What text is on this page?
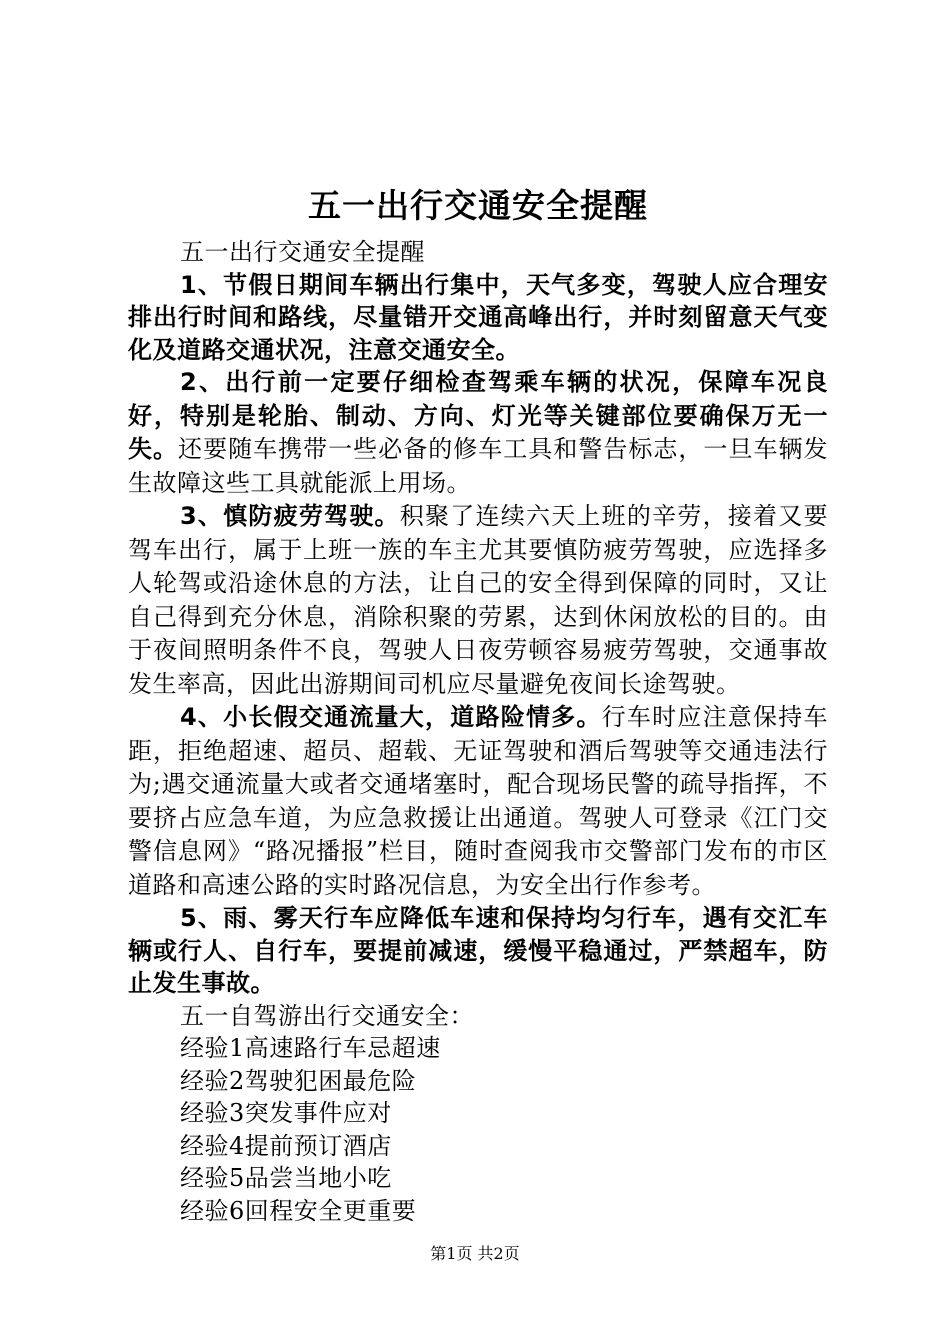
五一出行交通安全提醒

五一出行交通安全提醒

1、节假日期间车辆出行集中，天气多变，驾驶人应合理安排出行时间和路线，尽量错开交通高峰出行，并时刻留意天气变化及道路交通状况，注意交通安全。

2、出行前一定要仔细检查驾乘车辆的状况，保障车况良好，特别是轮胎、制动、方向、灯光等关键部位要确保万无一失。还要随车携带一些必备的修车工具和警告标志，一旦车辆发生故障这些工具就能派上用场。

3、慎防疲劳驾驶。积聚了连续六天上班的辛劳，接着又要驾车出行，属于上班一族的车主尤其要慎防疲劳驾驶，应选择多人轮驾或沿途休息的方法，让自己的安全得到保障的同时，又让自己得到充分休息，消除积聚的劳累，达到休闲放松的目的。由于夜间照明条件不良，驾驶人日夜劳顿容易疲劳驾驶，交通事故发生率高，因此出游期间司机应尽量避免夜间长途驾驶。

4、小长假交通流量大，道路险情多。行车时应注意保持车距，拒绝超速、超员、超载、无证驾驶和酒后驾驶等交通违法行为;遇交通流量大或者交通堵塞时，配合现场民警的疏导指挥，不要挤占应急车道，为应急救援让出通道。驾驶人可登录《江门交警信息网》“路况播报”栏目，随时查阅我市交警部门发布的市区道路和高速公路的实时路况信息，为安全出行作参考。

5、雨、雾天行车应降低车速和保持均匀行车，遇有交汇车辆或行人、自行车，要提前减速，缓慢平稳通过，严禁超车，防止发生事故。

五一自驾游出行交通安全：

经验1高速路行车忌超速

经验2驾驶犯困最危险

经验3突发事件应对

经验4提前预订酒店

经验5品尝当地小吃

经验6回程安全更重要

第1页 共2页
